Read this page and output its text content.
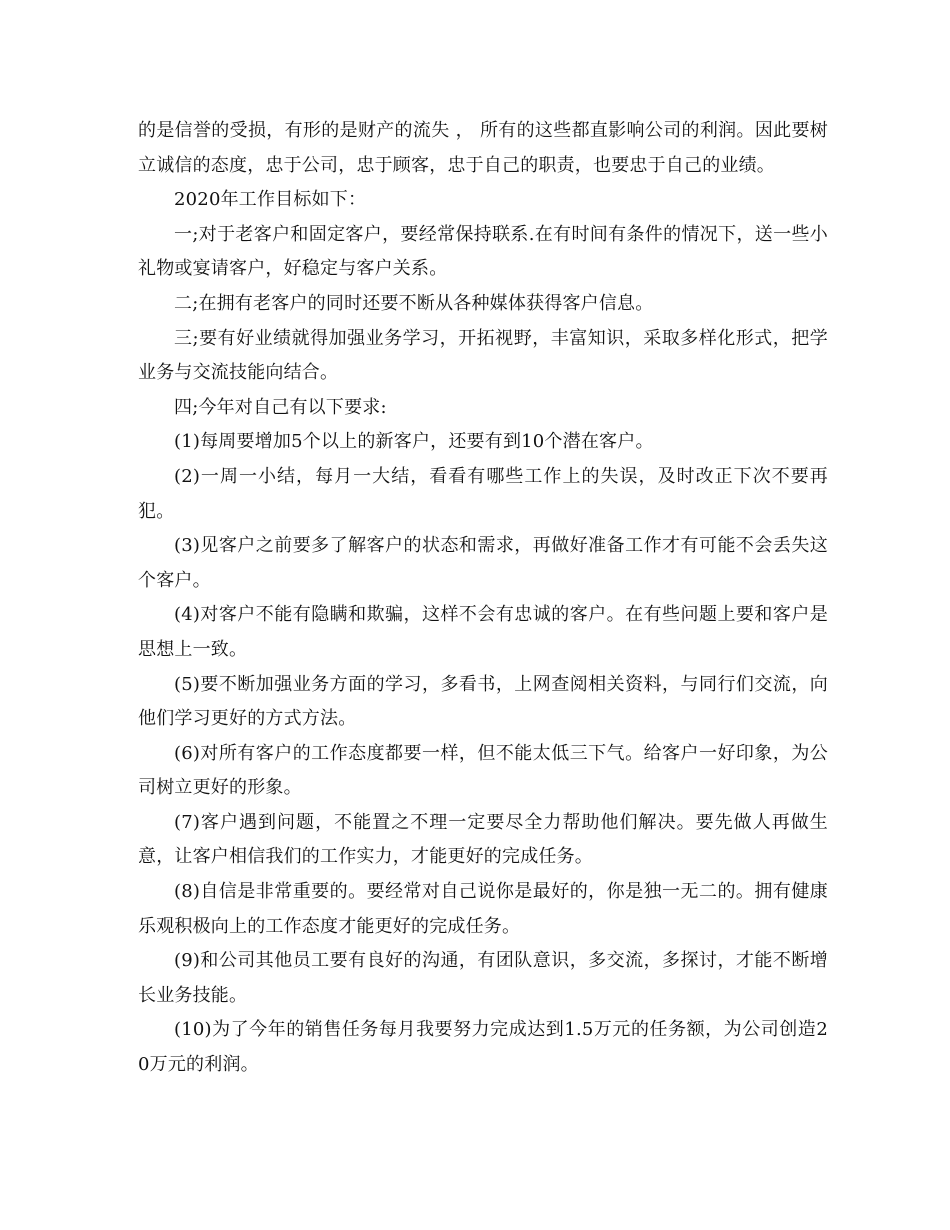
的是信誉的受损，有形的是财产的流失 ， 所有的这些都直影响公司的利润。因此要树立诚信的态度，忠于公司，忠于顾客，忠于自己的职责，也要忠于自己的业绩。

2020年工作目标如下：

一;对于老客户和固定客户，要经常保持联系.在有时间有条件的情况下，送一些小礼物或宴请客户，好稳定与客户关系。

二;在拥有老客户的同时还要不断从各种媒体获得客户信息。

三;要有好业绩就得加强业务学习，开拓视野，丰富知识，采取多样化形式，把学业务与交流技能向结合。

四;今年对自己有以下要求:

(1)每周要增加5个以上的新客户，还要有到10个潜在客户。

(2)一周一小结，每月一大结，看看有哪些工作上的失误，及时改正下次不要再犯。

(3)见客户之前要多了解客户的状态和需求，再做好准备工作才有可能不会丢失这个客户。

(4)对客户不能有隐瞒和欺骗，这样不会有忠诚的客户。在有些问题上要和客户是思想上一致。

(5)要不断加强业务方面的学习，多看书，上网查阅相关资料，与同行们交流，向他们学习更好的方式方法。

(6)对所有客户的工作态度都要一样，但不能太低三下气。给客户一好印象，为公司树立更好的形象。

(7)客户遇到问题，不能置之不理一定要尽全力帮助他们解决。要先做人再做生意，让客户相信我们的工作实力，才能更好的完成任务。

(8)自信是非常重要的。要经常对自己说你是最好的，你是独一无二的。拥有健康乐观积极向上的工作态度才能更好的完成任务。

(9)和公司其他员工要有良好的沟通，有团队意识，多交流，多探讨，才能不断增长业务技能。

(10)为了今年的销售任务每月我要努力完成达到1.5万元的任务额，为公司创造20万元的利润。
